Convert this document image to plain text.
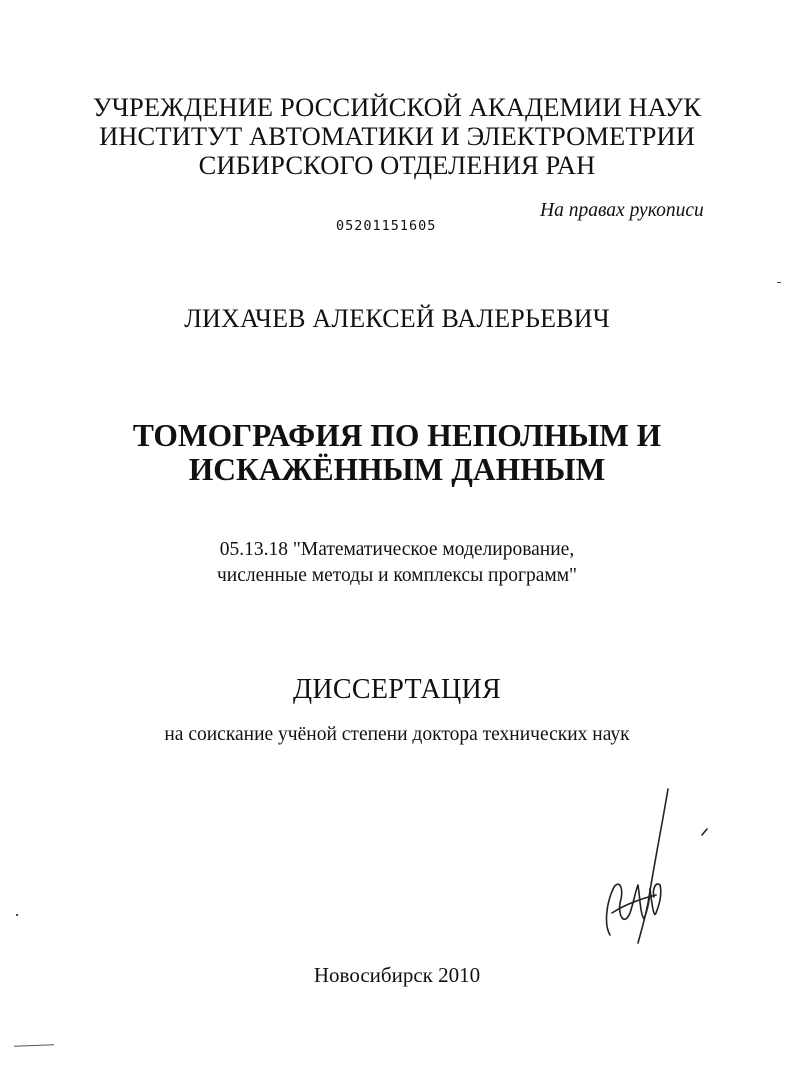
УЧРЕЖДЕНИЕ РОССИЙСКОЙ АКАДЕМИИ НАУК
ИНСТИТУТ АВТОМАТИКИ И ЭЛЕКТРОМЕТРИИ
СИБИРСКОГО ОТДЕЛЕНИЯ РАН
На правах рукописи
05201151605
ЛИХАЧЕВ АЛЕКСЕЙ ВАЛЕРЬЕВИЧ
ТОМОГРАФИЯ ПО НЕПОЛНЫМ И
ИСКАЖЁННЫМ ДАННЫМ
05.13.18 "Математическое моделирование,
численные методы и комплексы программ"
ДИССЕРТАЦИЯ
на соискание учёной степени доктора технических наук
Новосибирск 2010
